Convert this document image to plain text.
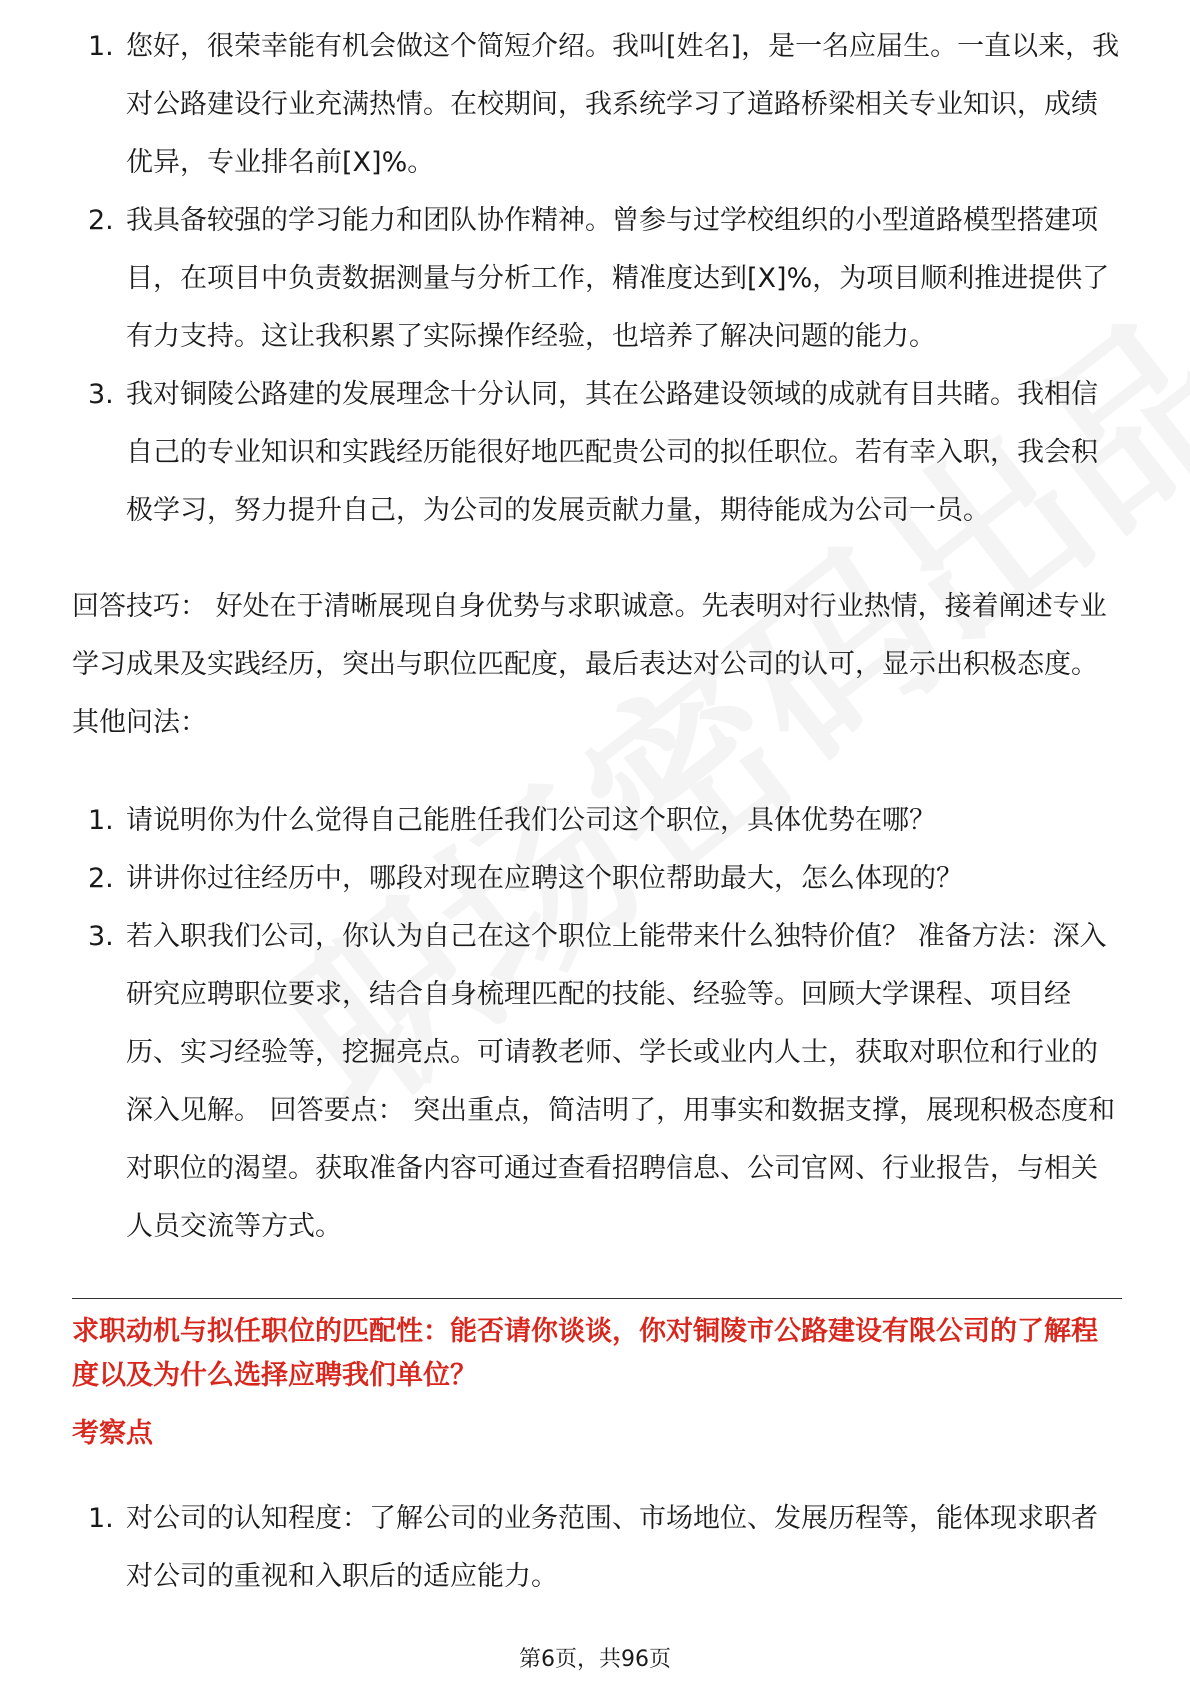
1. 您好，很荣幸能有机会做这个简短介绍。我叫[姓名]，是一名应届生。一直以来，我对公路建设行业充满热情。在校期间，我系统学习了道路桥梁相关专业知识，成绩优异，专业排名前[X]%。
2. 我具备较强的学习能力和团队协作精神。曾参与过学校组织的小型道路模型搭建项目，在项目中负责数据测量与分析工作，精准度达到[X]%，为项目顺利推进提供了有力支持。这让我积累了实际操作经验，也培养了解决问题的能力。
3. 我对铜陵公路建的发展理念十分认同，其在公路建设领域的成就有目共睹。我相信自己的专业知识和实践经历能很好地匹配贵公司的拟任职位。若有幸入职，我会积极学习，努力提升自己，为公司的发展贡献力量，期待能成为公司一员。

回答技巧： 好处在于清晰展现自身优势与求职诚意。先表明对行业热情，接着阐述专业学习成果及实践经历，突出与职位匹配度，最后表达对公司的认可，显示出积极态度。 其他问法：

1. 请说明你为什么觉得自己能胜任我们公司这个职位，具体优势在哪？
2. 讲讲你过往经历中，哪段对现在应聘这个职位帮助最大，怎么体现的？
3. 若入职我们公司，你认为自己在这个职位上能带来什么独特价值？ 准备方法：深入研究应聘职位要求，结合自身梳理匹配的技能、经验等。回顾大学课程、项目经历、实习经验等，挖掘亮点。可请教老师、学长或业内人士，获取对职位和行业的深入见解。 回答要点： 突出重点，简洁明了，用事实和数据支撑，展现积极态度和对职位的渴望。获取准备内容可通过查看招聘信息、公司官网、行业报告，与相关人员交流等方式。

求职动机与拟任职位的匹配性：能否请你谈谈，你对铜陵市公路建设有限公司的了解程度以及为什么选择应聘我们单位？

考察点

1. 对公司的认知程度：了解公司的业务范围、市场地位、发展历程等，能体现求职者对公司的重视和入职后的适应能力。
第6页，共96页
